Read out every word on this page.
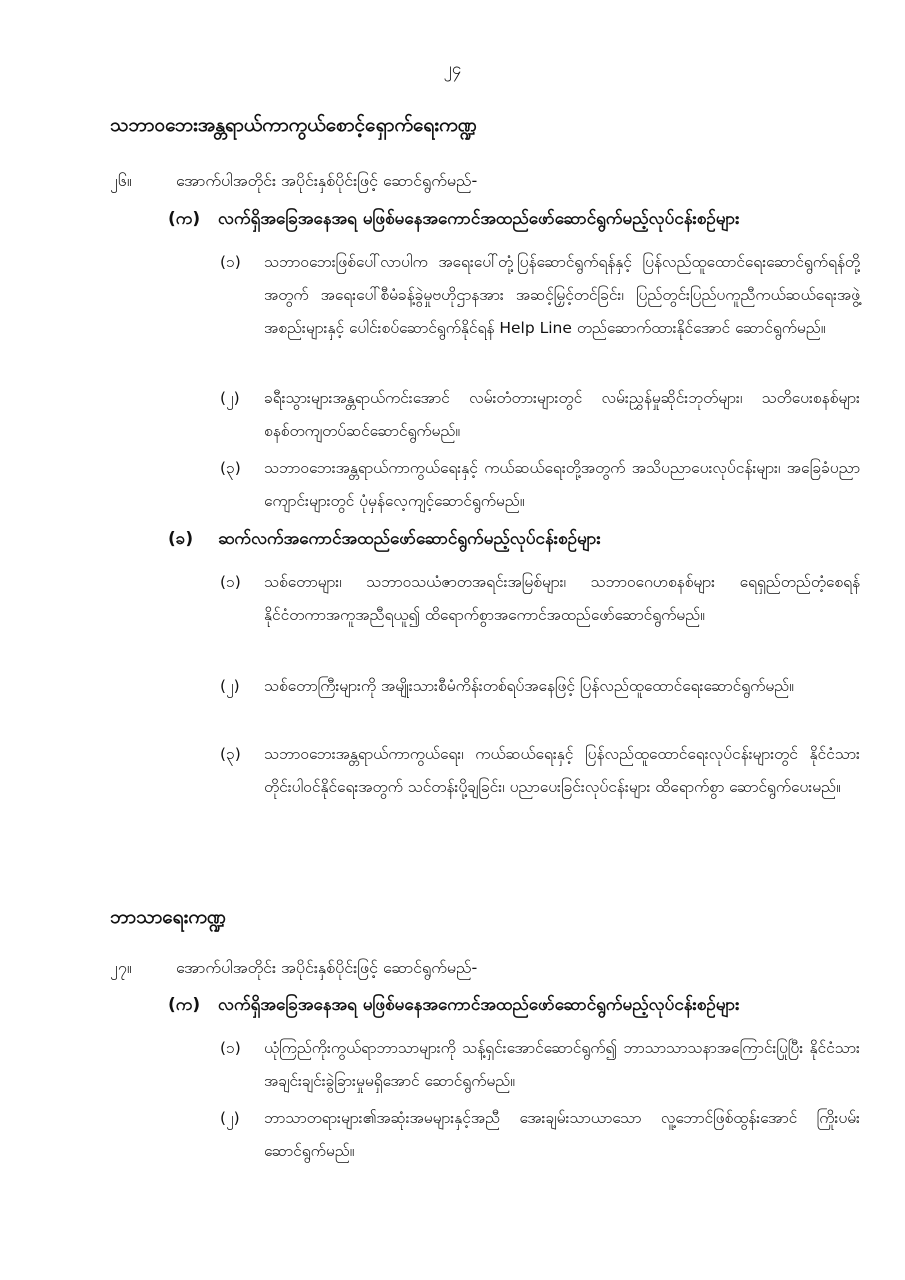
၂၄
သဘာဝဘေးအန္တရာယ်ကာကွယ်စောင့်ရှောက်ရေးကဏ္ဍ
၂၆။	အောက်ပါအတိုင်း အပိုင်းနှစ်ပိုင်းဖြင့် ဆောင်ရွက်မည်-
(က) လက်ရှိအခြေအနေအရ မဖြစ်မနေအကောင်အထည်ဖော်ဆောင်ရွက်မည့်လုပ်ငန်းစဉ်များ
(၁) သဘာဝဘေးဖြစ်ပေါ်လာပါက အရေးပေါ်တုံ့ပြန်ဆောင်ရွက်ရန်နှင့် ပြန်လည်ထူထောင်ရေးဆောင်ရွက်ရန်တို့အတွက် အရေးပေါ်စီမံခန့်ခွဲမှုဗဟိုဌာနအား အဆင့်မြှင့်တင်ခြင်း၊ ပြည်တွင်းပြည်ပကူညီကယ်ဆယ်ရေးအဖွဲ့အစည်းများနှင့် ပေါင်းစပ်ဆောင်ရွက်နိုင်ရန် Help Line တည်ဆောက်ထားနိုင်အောင် ဆောင်ရွက်မည်။
(၂) ခရီးသွားများအန္တရာယ်ကင်းအောင် လမ်းတံတားများတွင် လမ်းညွှန်မှုဆိုင်းဘုတ်များ၊ သတိပေးစနစ်များ စနစ်တကျတပ်ဆင်ဆောင်ရွက်မည်။
(၃) သဘာဝဘေးအန္တရာယ်ကာကွယ်ရေးနှင့် ကယ်ဆယ်ရေးတို့အတွက် အသိပညာပေးလုပ်ငန်းများ၊ အခြေခံပညာကျောင်းများတွင် ပုံမှန်လေ့ကျင့်ဆောင်ရွက်မည်။
(ခ) ဆက်လက်အကောင်အထည်ဖော်ဆောင်ရွက်မည့်လုပ်ငန်းစဉ်များ
(၁) သစ်တောများ၊ သဘာဝသယံဇာတအရင်းအမြစ်များ၊ သဘာဝဂေဟစနစ်များ ရေရှည်တည်တံ့စေရန် နိုင်ငံတကာအကူအညီရယူ၍ ထိရောက်စွာအကောင်အထည်ဖော်ဆောင်ရွက်မည်။
(၂) သစ်တောကြီးများကို အမျိုးသားစီမံကိန်းတစ်ရပ်အနေဖြင့် ပြန်လည်ထူထောင်ရေးဆောင်ရွက်မည်။
(၃) သဘာဝဘေးအန္တရာယ်ကာကွယ်ရေး၊ ကယ်ဆယ်ရေးနှင့် ပြန်လည်ထူထောင်ရေးလုပ်ငန်းများတွင် နိုင်ငံသားတိုင်းပါဝင်နိုင်ရေးအတွက် သင်တန်းပို့ချခြင်း၊ ပညာပေးခြင်းလုပ်ငန်းများ ထိရောက်စွာ ဆောင်ရွက်ပေးမည်။
ဘာသာရေးကဏ္ဍ
၂၇။	အောက်ပါအတိုင်း အပိုင်းနှစ်ပိုင်းဖြင့် ဆောင်ရွက်မည်-
(က) လက်ရှိအခြေအနေအရ မဖြစ်မနေအကောင်အထည်ဖော်ဆောင်ရွက်မည့်လုပ်ငန်းစဉ်များ
(၁) ယုံကြည်ကိုးကွယ်ရာဘာသာများကို သန့်ရှင်းအောင်ဆောင်ရွက်၍ ဘာသာသာသနာအကြောင်းပြုပြီး နိုင်ငံသားအချင်းချင်းခွဲခြားမှုမရှိအောင် ဆောင်ရွက်မည်။
(၂) ဘာသာတရားများ၏အဆုံးအမများနှင့်အညီ အေးချမ်းသာယာသော လူ့ဘောင်ဖြစ်ထွန်းအောင် ကြိုးပမ်းဆောင်ရွက်မည်။
